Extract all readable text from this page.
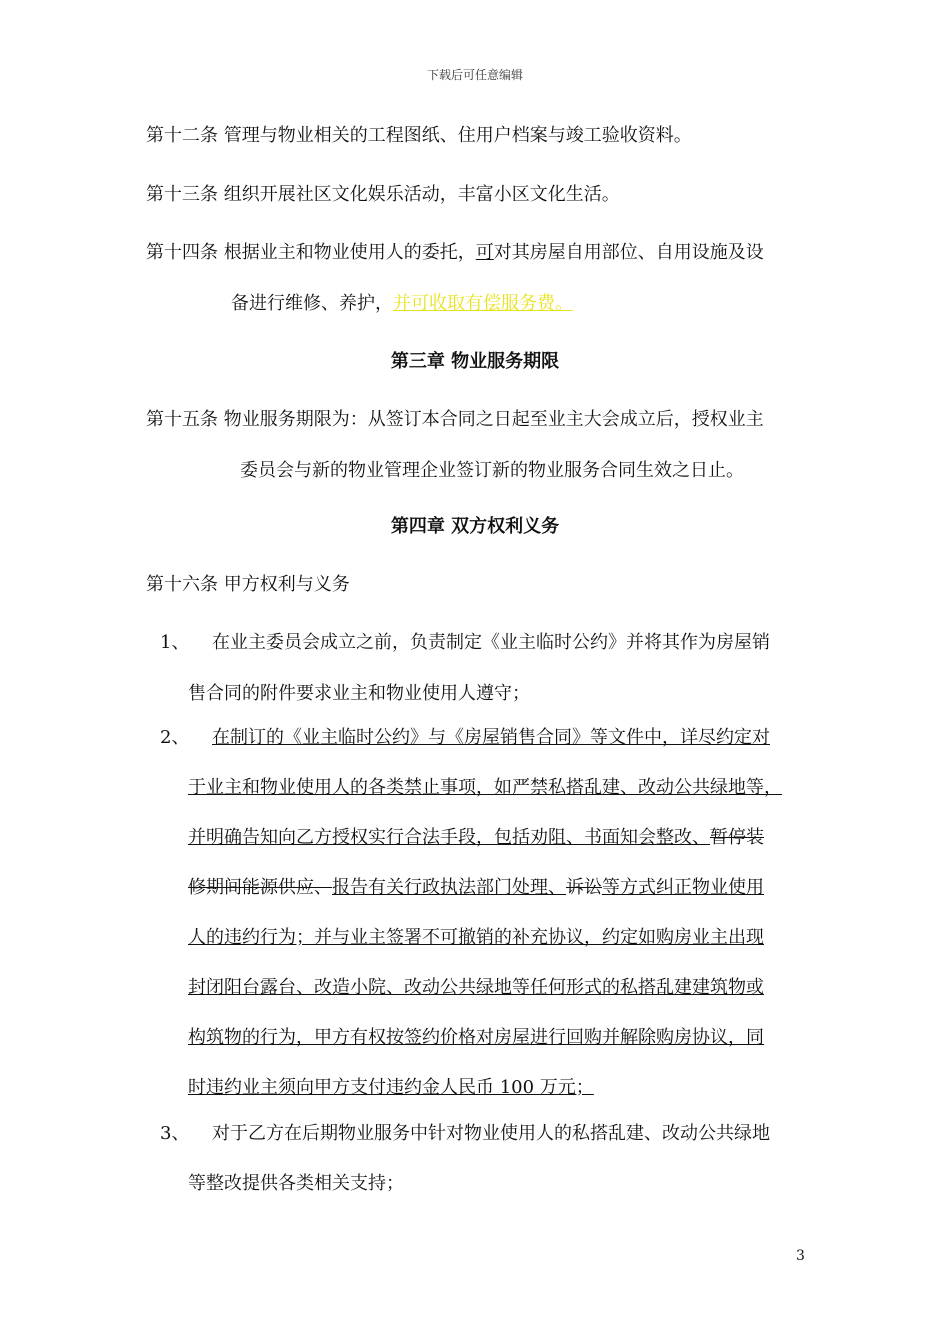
下载后可任意编辑
第十二条 管理与物业相关的工程图纸、住用户档案与竣工验收资料。
第十三条 组织开展社区文化娱乐活动，丰富小区文化生活。
第十四条 根据业主和物业使用人的委托，可对其房屋自用部位、自用设施及设
备进行维修、养护，并可收取有偿服务费。
第三章 物业服务期限
第十五条 物业服务期限为：从签订本合同之日起至业主大会成立后，授权业主
委员会与新的物业管理企业签订新的物业服务合同生效之日止。
第四章 双方权利义务
第十六条 甲方权利与义务
1、 在业主委员会成立之前，负责制定《业主临时公约》并将其作为房屋销
售合同的附件要求业主和物业使用人遵守；
2、 在制订的《业主临时公约》与《房屋销售合同》等文件中，详尽约定对
于业主和物业使用人的各类禁止事项，如严禁私搭乱建、改动公共绿地等，
并明确告知向乙方授权实行合法手段，包括劝阻、书面知会整改、暂停装
修期间能源供应、报告有关行政执法部门处理、诉讼等方式纠正物业使用
人的违约行为；并与业主签署不可撤销的补充协议，约定如购房业主出现
封闭阳台露台、改造小院、改动公共绿地等任何形式的私搭乱建建筑物或
构筑物的行为，甲方有权按签约价格对房屋进行回购并解除购房协议，同
时违约业主须向甲方支付违约金人民币 100 万元；
3、 对于乙方在后期物业服务中针对物业使用人的私搭乱建、改动公共绿地
等整改提供各类相关支持；
3
